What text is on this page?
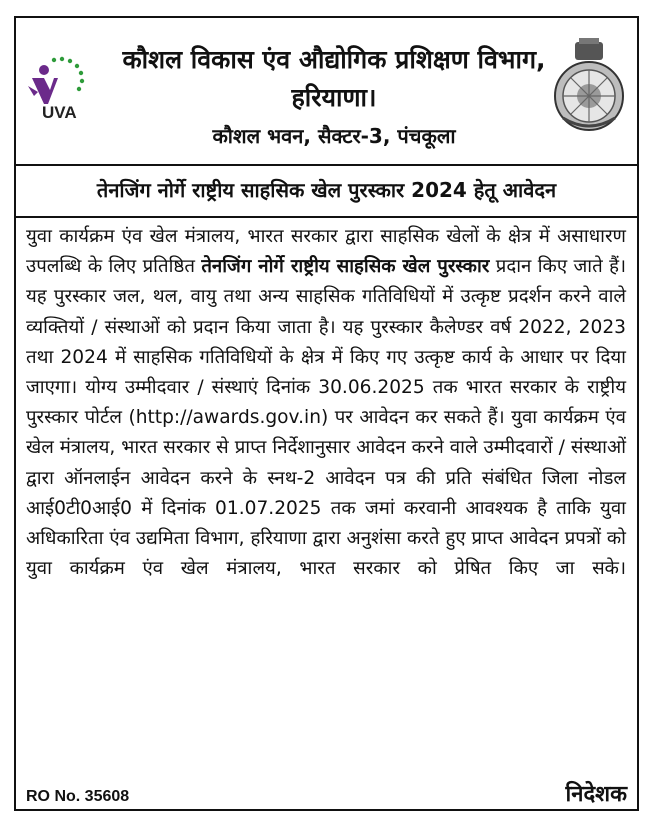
UVA
कौशल विकास एंव औद्योगिक प्रशिक्षण विभाग,
हरियाणा।
कौशल भवन, सैक्टर-3, पंचकूला
तेनजिंग नोर्गे राष्ट्रीय साहसिक खेल पुरस्कार 2024 हेतू आवेदन
युवा कार्यक्रम एंव खेल मंत्रालय, भारत सरकार द्वारा साहसिक खेलों के क्षेत्र में असाधारण उपलब्धि के लिए प्रतिष्ठित तेनजिंग नोर्गे राष्ट्रीय साहसिक खेल पुरस्कार प्रदान किए जाते हैं। यह पुरस्कार जल, थल, वायु तथा अन्य साहसिक गतिविधियों में उत्कृष्ट प्रदर्शन करने वाले व्यक्तियों / संस्थाओं को प्रदान किया जाता है। यह पुरस्कार कैलेण्डर वर्ष 2022, 2023 तथा 2024 में साहसिक गतिविधियों के क्षेत्र में किए गए उत्कृष्ट कार्य के आधार पर दिया जाएगा। योग्य उम्मीदवार / संस्थाएं दिनांक 30.06.2025 तक भारत सरकार के राष्ट्रीय पुरस्कार पोर्टल (http://awards.gov.in) पर आवेदन कर सकते हैं। युवा कार्यक्रम एंव खेल मंत्रालय, भारत सरकार से प्राप्त निर्देशानुसार आवेदन करने वाले उम्मीदवारों / संस्थाओं द्वारा ऑनलाईन आवेदन करने के स्नथ-2 आवेदन पत्र की प्रति संबंधित जिला नोडल आई0टी0आई0 में दिनांक 01.07.2025 तक जमां करवानी आवश्यक है ताकि युवा अधिकारिता एंव उद्यमिता विभाग, हरियाणा द्वारा अनुशंसा करते हुए प्राप्त आवेदन प्रपत्रों को युवा कार्यक्रम एंव खेल मंत्रालय, भारत सरकार को प्रेषित किए जा सके।
RO No. 35608	निदेशक
